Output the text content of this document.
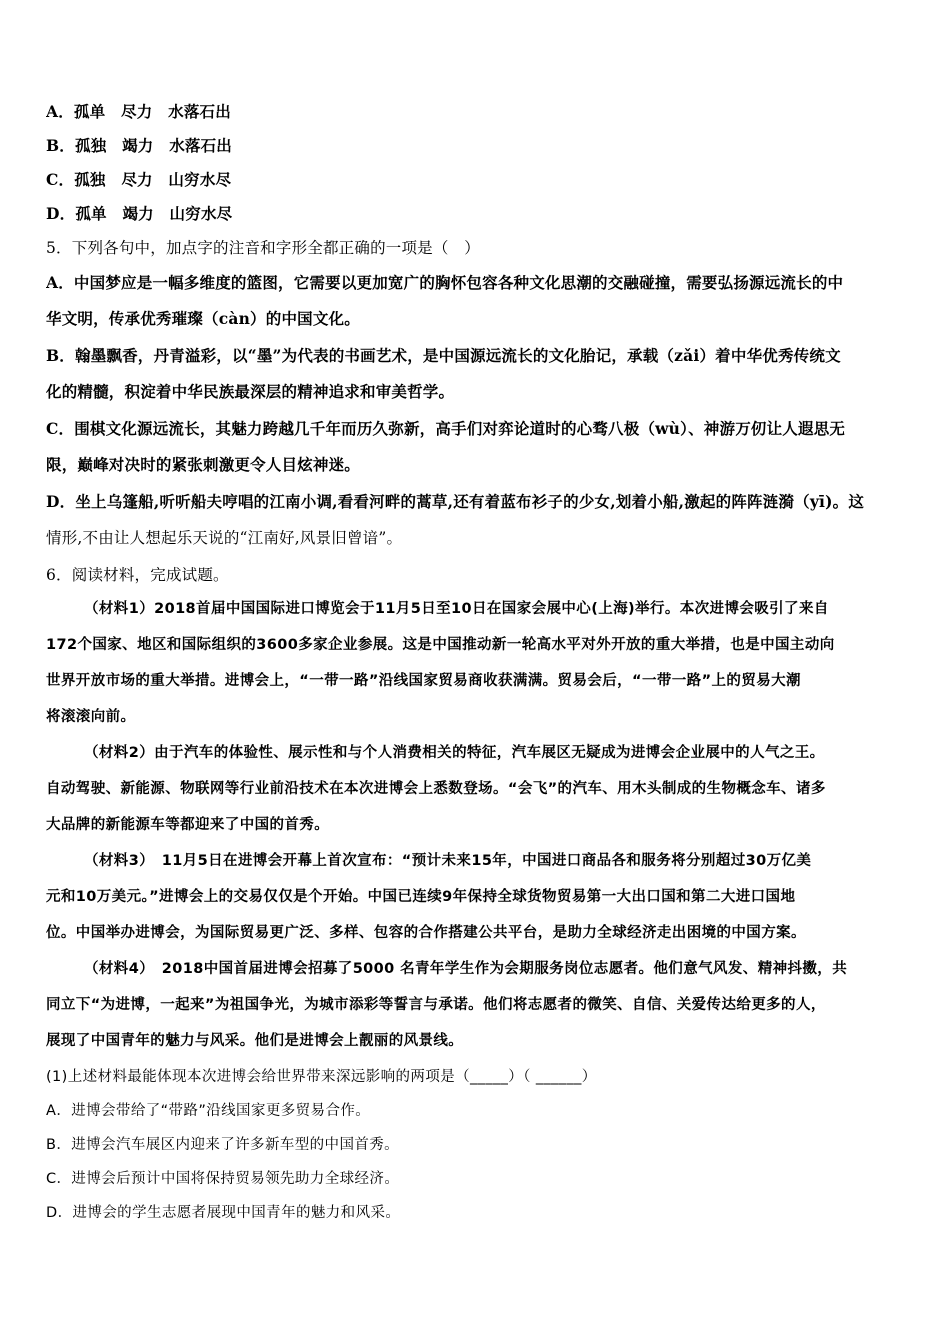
A．孤单　尽力　水落石出
B．孤独　竭力　水落石出
C．孤独　尽力　山穷水尽
D．孤单　竭力　山穷水尽
5．下列各句中，加点字的注音和字形全都正确的一项是（　）
A．中国梦应是一幅多维度的篮图，它需要以更加宽广的胸怀包容各种文化思潮的交融碰撞，需要弘扬源远流长的中
华文明，传承优秀璀璨（càn）的中国文化。
B．翰墨飘香，丹青溢彩，以“墨”为代表的书画艺术，是中国源远流长的文化胎记，承载（zǎi）着中华优秀传统文
化的精髓，积淀着中华民族最深层的精神追求和审美哲学。
C．围棋文化源远流长，其魅力跨越几千年而历久弥新，高手们对弈论道时的心骛八极（wù）、神游万仞让人遐思无
限，巅峰对决时的紧张刺激更令人目炫神迷。
D．坐上乌篷船,听听船夫哼唱的江南小调,看看河畔的蒿草,还有着蓝布衫子的少女,划着小船,激起的阵阵涟漪（yī)。这
情形,不由让人想起乐天说的“江南好,风景旧曾谙”。
6．阅读材料，完成试题。
（材料1）2018首届中国国际进口博览会于11月5日至10日在国家会展中心(上海)举行。本次进博会吸引了来自
172个国家、地区和国际组织的3600多家企业参展。这是中国推动新一轮高水平对外开放的重大举措，也是中国主动向
世界开放市场的重大举措。进博会上，“一带一路”沿线国家贸易商收获满满。贸易会后，“一带一路”上的贸易大潮
将滚滚向前。
（材料2）由于汽车的体验性、展示性和与个人消费相关的特征，汽车展区无疑成为进博会企业展中的人气之王。
自动驾驶、新能源、物联网等行业前沿技术在本次进博会上悉数登场。“会飞”的汽车、用木头制成的生物概念车、诸多
大品牌的新能源车等都迎来了中国的首秀。
（材料3）　11月5日在进博会开幕上首次宣布：“预计未来15年，中国进口商品各和服务将分别超过30万亿美
元和10万美元。”进博会上的交易仅仅是个开始。中国已连续9年保持全球货物贸易第一大出口国和第二大进口国地
位。中国举办进博会，为国际贸易更广泛、多样、包容的合作搭建公共平台，是助力全球经济走出困境的中国方案。
（材料4）　2018中国首届进博会招募了5000 名青年学生作为会期服务岗位志愿者。他们意气风发、精神抖擞，共
同立下“为进博，一起来”为祖国争光，为城市添彩等誓言与承诺。他们将志愿者的微笑、自信、关爱传达给更多的人，
展现了中国青年的魅力与风采。他们是进博会上靓丽的风景线。
(1)上述材料最能体现本次进博会给世界带来深远影响的两项是（_____）（ ______）
A．进博会带给了“带路”沿线国家更多贸易合作。
B．进博会汽车展区内迎来了许多新车型的中国首秀。
C．进博会后预计中国将保持贸易领先助力全球经济。
D．进博会的学生志愿者展现中国青年的魅力和风采。
